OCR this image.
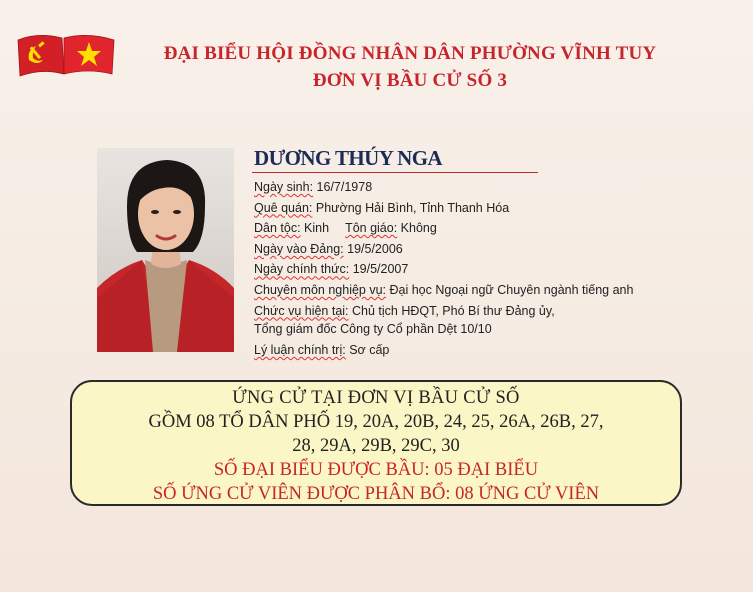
ĐẠI BIỂU HỘI ĐỒNG NHÂN DÂN PHƯỜNG VĨNH TUY
ĐƠN VỊ BẦU CỬ SỐ 3
DƯƠNG THÚY NGA
Ngày sinh: 16/7/1978
Quê quán: Phường Hải Bình, Tỉnh Thanh Hóa
Dân tộc: Kinh Tôn giáo: Không
Ngày vào Đảng: 19/5/2006
Ngày chính thức: 19/5/2007
Chuyên môn nghiệp vụ: Đại học Ngoại ngữ Chuyên ngành tiếng anh
Chức vụ hiện tại: Chủ tịch HĐQT, Phó Bí thư Đảng ủy,
Tổng giám đốc Công ty Cổ phần Dệt 10/10
Lý luận chính trị: Sơ cấp
ỨNG CỬ TẠI ĐƠN VỊ BẦU CỬ SỐ
GỒM 08 TỔ DÂN PHỐ 19, 20A, 20B, 24, 25, 26A, 26B, 27,
28, 29A, 29B, 29C, 30
SỐ ĐẠI BIỂU ĐƯỢC BẦU: 05 ĐẠI BIỂU
SỐ ỨNG CỬ VIÊN ĐƯỢC PHÂN BỔ: 08 ỨNG CỬ VIÊN
